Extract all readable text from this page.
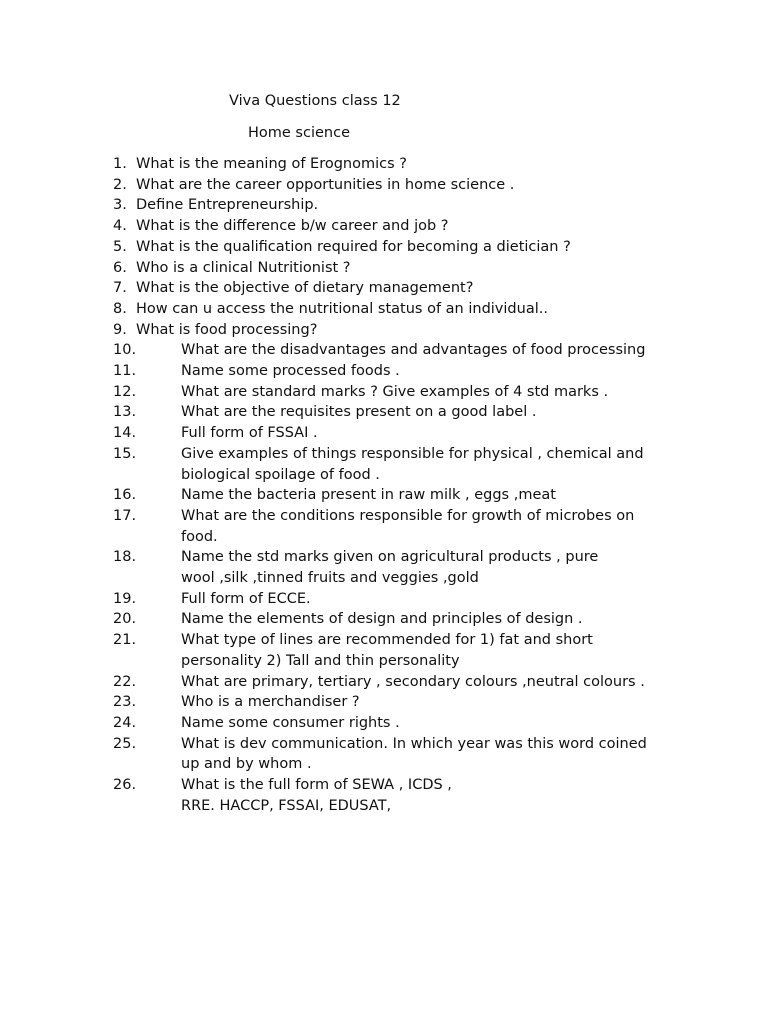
Viva Questions class 12
Home science
1. What is the meaning of Erognomics ?
2. What are the career opportunities in home science .
3. Define Entrepreneurship.
4. What is the difference b/w career and job ?
5. What is the qualification required for becoming a dietician ?
6. Who is a clinical Nutritionist ?
7. What is the objective of dietary management?
8. How can u access the nutritional status of an individual..
9. What is food processing?
10.	What are the disadvantages and advantages of food processing
11.	Name some processed foods .
12.	What are standard marks ? Give examples of 4 std marks .
13.	What are the requisites present on a good label .
14.	Full form of FSSAI .
15.	Give examples of things responsible for physical , chemical and
biological spoilage of food .
16.	Name the bacteria present in raw milk , eggs ,meat
17.	What are the conditions responsible for growth of microbes on
food.
18.	Name the std marks given on agricultural products , pure
wool ,silk ,tinned fruits and veggies ,gold
19.	Full form of ECCE.
20.	Name the elements of design and principles of design .
21.	What type of lines are recommended for 1) fat and short
personality 2) Tall and thin personality
22.	What are primary, tertiary , secondary colours ,neutral colours .
23.	Who is a merchandiser ?
24.	Name some consumer rights .
25.	What is dev communication. In which year was this word coined
up and by whom .
26.	What is the full form of SEWA , ICDS ,
RRE. HACCP, FSSAI, EDUSAT,
